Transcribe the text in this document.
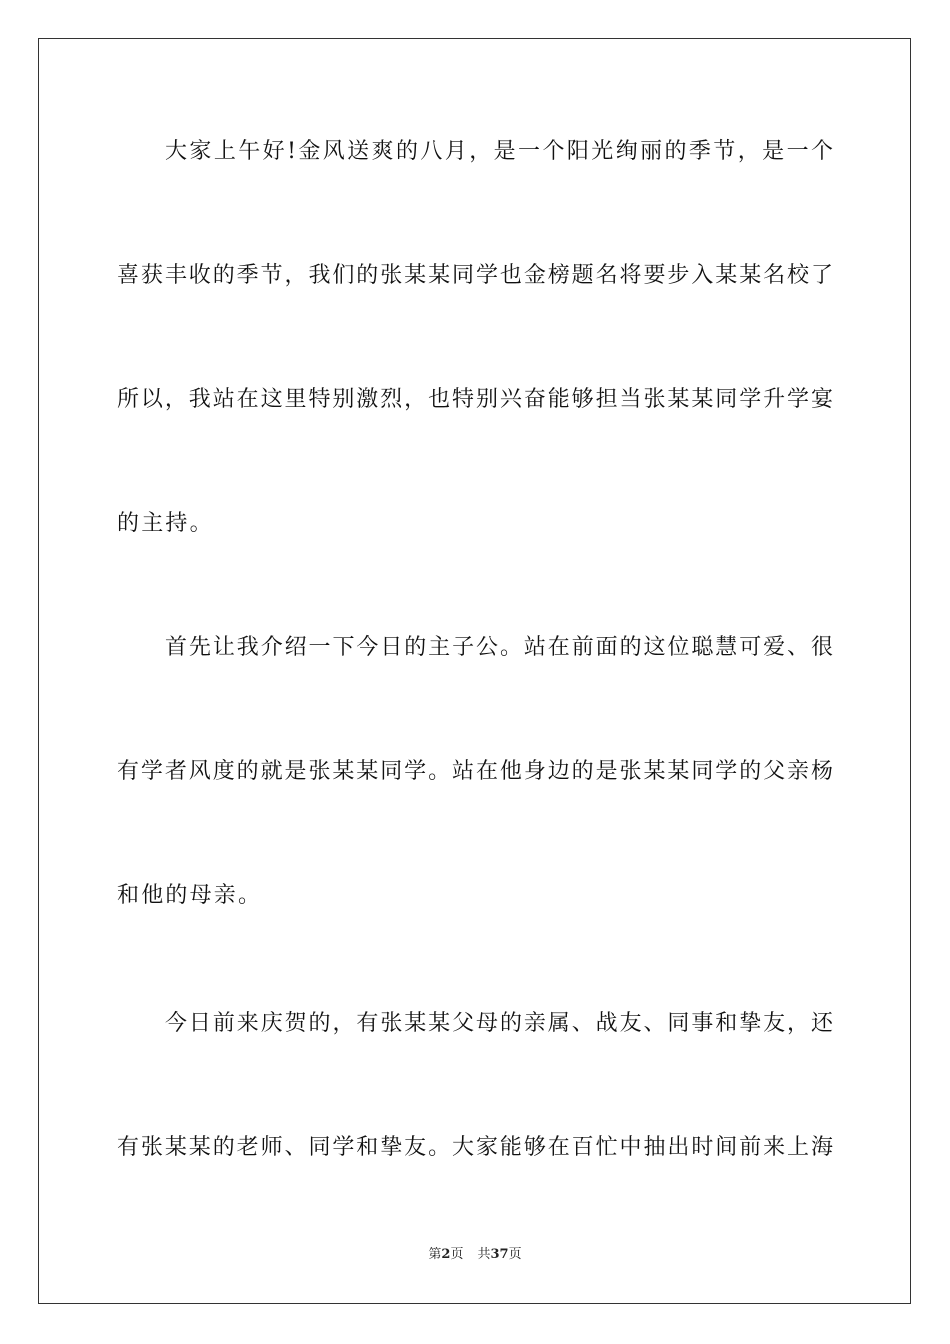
大家上午好!金风送爽的八月，是一个阳光绚丽的季节，是一个
喜获丰收的季节，我们的张某某同学也金榜题名将要步入某某名校了
所以，我站在这里特别激烈，也特别兴奋能够担当张某某同学升学宴
的主持。
首先让我介绍一下今日的主子公。站在前面的这位聪慧可爱、很
有学者风度的就是张某某同学。站在他身边的是张某某同学的父亲杨
和他的母亲。
今日前来庆贺的，有张某某父母的亲属、战友、同事和挚友，还
有张某某的老师、同学和挚友。大家能够在百忙中抽出时间前来上海
第2页 共37页
